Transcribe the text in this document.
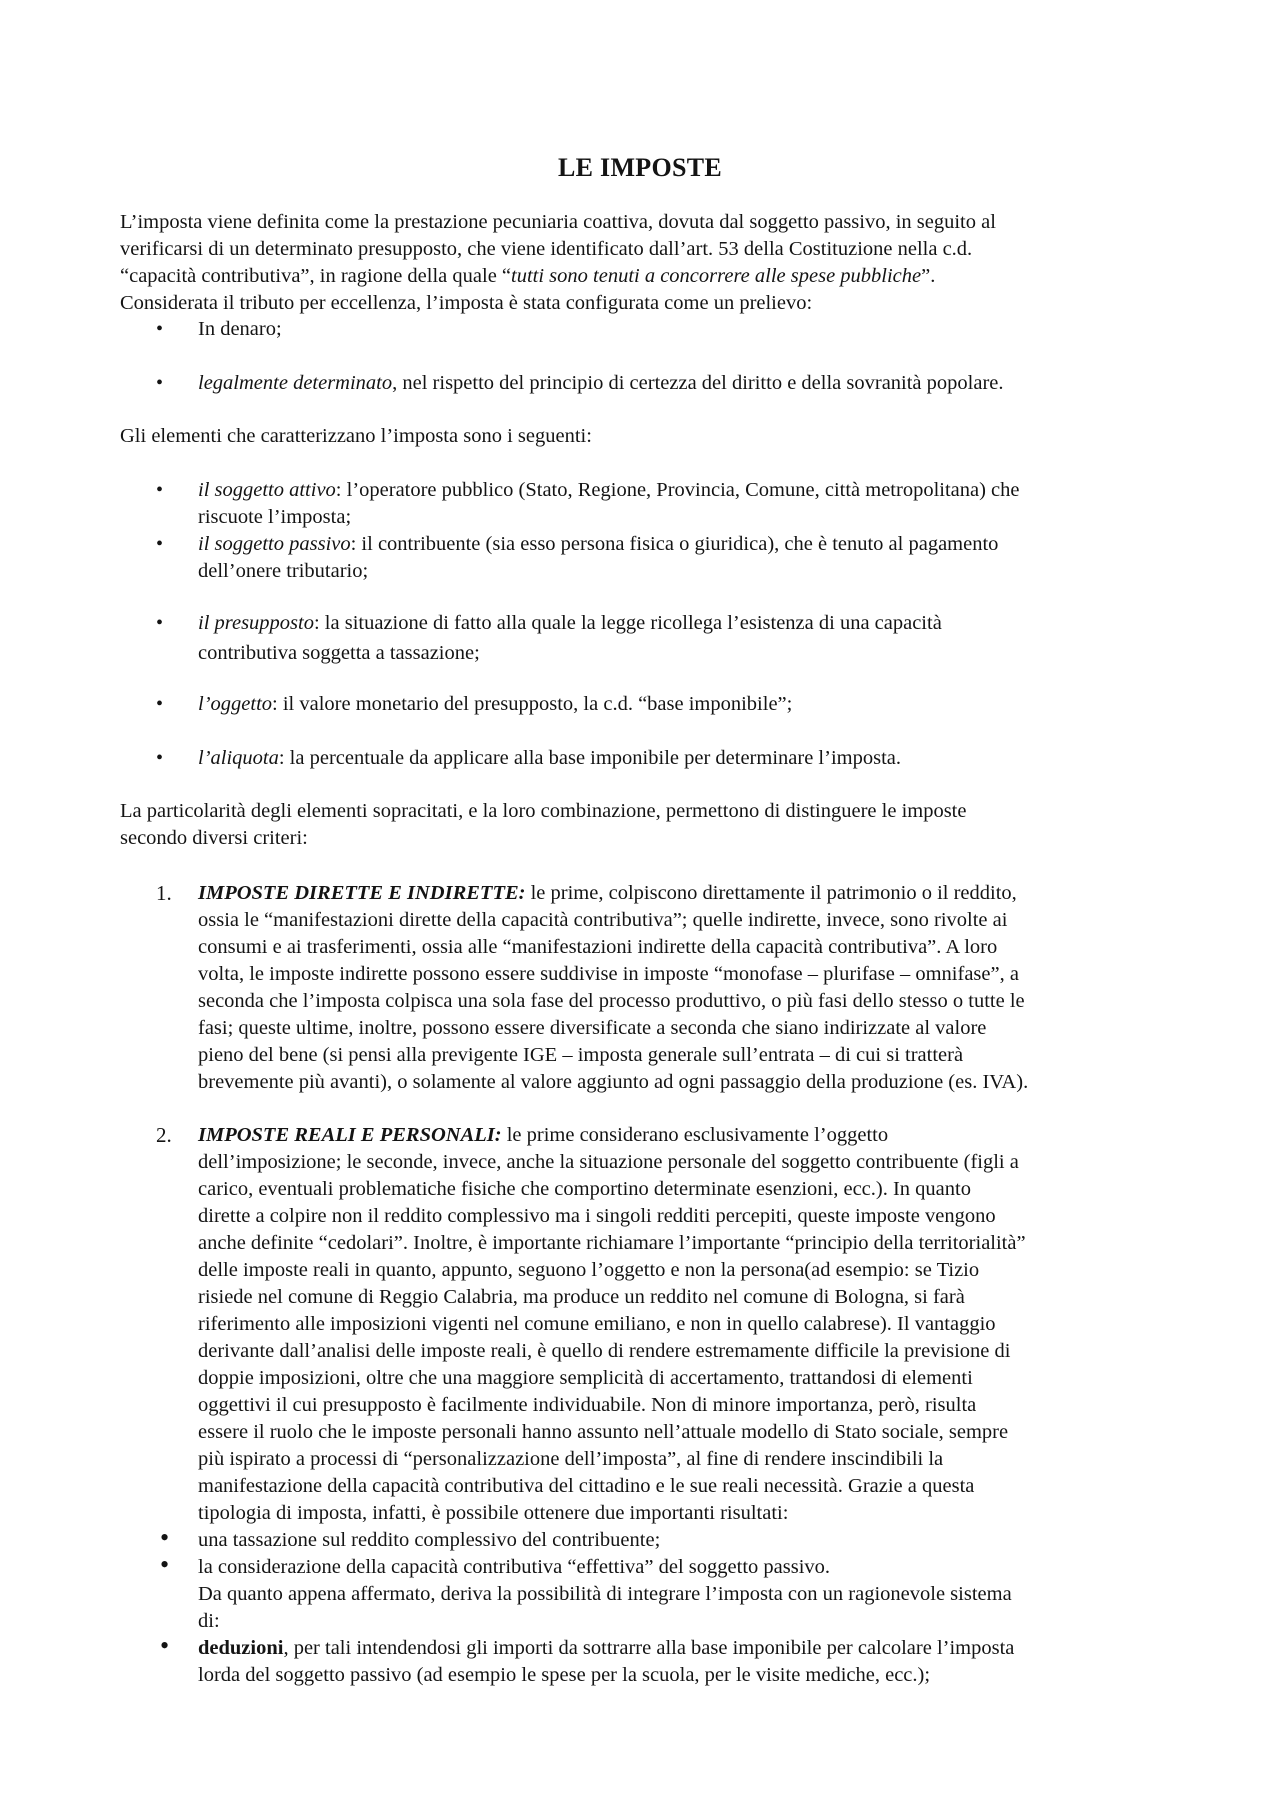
LE IMPOSTE
L’imposta viene definita come la prestazione pecuniaria coattiva, dovuta dal soggetto passivo, in seguito al
verificarsi di un determinato presupposto, che viene identificato dall’art. 53 della Costituzione nella c.d.
“capacità contributiva”, in ragione della quale “tutti sono tenuti a concorrere alle spese pubbliche”.
Considerata il tributo per eccellenza, l’imposta è stata configurata come un prelievo:
• In denaro;
• legalmente determinato, nel rispetto del principio di certezza del diritto e della sovranità popolare.
Gli elementi che caratterizzano l’imposta sono i seguenti:
• il soggetto attivo: l’operatore pubblico (Stato, Regione, Provincia, Comune, città metropolitana) che
riscuote l’imposta;
• il soggetto passivo: il contribuente (sia esso persona fisica o giuridica), che è tenuto al pagamento
dell’onere tributario;
• il presupposto: la situazione di fatto alla quale la legge ricollega l’esistenza di una capacità
contributiva soggetta a tassazione;
• l’oggetto: il valore monetario del presupposto, la c.d. “base imponibile”;
• l’aliquota: la percentuale da applicare alla base imponibile per determinare l’imposta.
La particolarità degli elementi sopracitati, e la loro combinazione, permettono di distinguere le imposte
secondo diversi criteri:
1. IMPOSTE DIRETTE E INDIRETTE: le prime, colpiscono direttamente il patrimonio o il reddito,
ossia le “manifestazioni dirette della capacità contributiva”; quelle indirette, invece, sono rivolte ai
consumi e ai trasferimenti, ossia alle “manifestazioni indirette della capacità contributiva”. A loro
volta, le imposte indirette possono essere suddivise in imposte “monofase – plurifase – omnifase”, a
seconda che l’imposta colpisca una sola fase del processo produttivo, o più fasi dello stesso o tutte le
fasi; queste ultime, inoltre, possono essere diversificate a seconda che siano indirizzate al valore
pieno del bene (si pensi alla previgente IGE – imposta generale sull’entrata – di cui si tratterà
brevemente più avanti), o solamente al valore aggiunto ad ogni passaggio della produzione (es. IVA).
2. IMPOSTE REALI E PERSONALI: le prime considerano esclusivamente l’oggetto
dell’imposizione; le seconde, invece, anche la situazione personale del soggetto contribuente (figli a
carico, eventuali problematiche fisiche che comportino determinate esenzioni, ecc.). In quanto
dirette a colpire non il reddito complessivo ma i singoli redditi percepiti, queste imposte vengono
anche definite “cedolari”. Inoltre, è importante richiamare l’importante “principio della territorialità”
delle imposte reali in quanto, appunto, seguono l’oggetto e non la persona(ad esempio: se Tizio
risiede nel comune di Reggio Calabria, ma produce un reddito nel comune di Bologna, si farà
riferimento alle imposizioni vigenti nel comune emiliano, e non in quello calabrese). Il vantaggio
derivante dall’analisi delle imposte reali, è quello di rendere estremamente difficile la previsione di
doppie imposizioni, oltre che una maggiore semplicità di accertamento, trattandosi di elementi
oggettivi il cui presupposto è facilmente individuabile. Non di minore importanza, però, risulta
essere il ruolo che le imposte personali hanno assunto nell’attuale modello di Stato sociale, sempre
più ispirato a processi di “personalizzazione dell’imposta”, al fine di rendere inscindibili la
manifestazione della capacità contributiva del cittadino e le sue reali necessità. Grazie a questa
tipologia di imposta, infatti, è possibile ottenere due importanti risultati:
• una tassazione sul reddito complessivo del contribuente;
• la considerazione della capacità contributiva “effettiva” del soggetto passivo.
Da quanto appena affermato, deriva la possibilità di integrare l’imposta con un ragionevole sistema
di:
• deduzioni, per tali intendendosi gli importi da sottrarre alla base imponibile per calcolare l’imposta
lorda del soggetto passivo (ad esempio le spese per la scuola, per le visite mediche, ecc.);
